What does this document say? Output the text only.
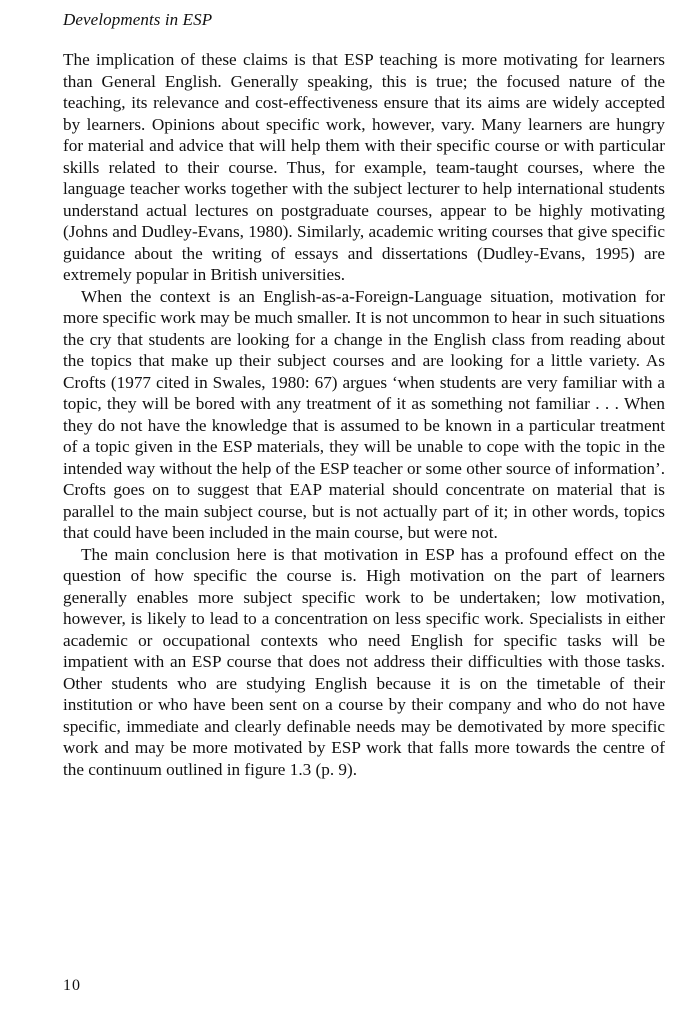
Developments in ESP

The implication of these claims is that ESP teaching is more motivating for learners than General English. Generally speaking, this is true; the focused nature of the teaching, its relevance and cost-effectiveness ensure that its aims are widely accepted by learners. Opinions about specific work, however, vary. Many learners are hungry for material and advice that will help them with their specific course or with particular skills related to their course. Thus, for example, team-taught courses, where the language teacher works together with the subject lecturer to help international students understand actual lectures on postgraduate courses, appear to be highly motivating (Johns and Dudley-Evans, 1980). Similarly, academic writing courses that give specific guidance about the writing of essays and dissertations (Dudley-Evans, 1995) are extremely popular in British universities.

When the context is an English-as-a-Foreign-Language situation, motivation for more specific work may be much smaller. It is not uncommon to hear in such situations the cry that students are looking for a change in the English class from reading about the topics that make up their subject courses and are looking for a little variety. As Crofts (1977 cited in Swales, 1980: 67) argues ‘when students are very familiar with a topic, they will be bored with any treatment of it as something not familiar . . . When they do not have the knowledge that is assumed to be known in a particular treatment of a topic given in the ESP materials, they will be unable to cope with the topic in the intended way without the help of the ESP teacher or some other source of information’. Crofts goes on to suggest that EAP material should concentrate on material that is parallel to the main subject course, but is not actually part of it; in other words, topics that could have been included in the main course, but were not.

The main conclusion here is that motivation in ESP has a profound effect on the question of how specific the course is. High motivation on the part of learners generally enables more subject specific work to be undertaken; low motivation, however, is likely to lead to a concentration on less specific work. Specialists in either academic or occupational contexts who need English for specific tasks will be impatient with an ESP course that does not address their difficulties with those tasks. Other students who are studying English because it is on the timetable of their institution or who have been sent on a course by their company and who do not have specific, immediate and clearly definable needs may be demotivated by more specific work and may be more motivated by ESP work that falls more towards the centre of the continuum outlined in figure 1.3 (p. 9).

10
